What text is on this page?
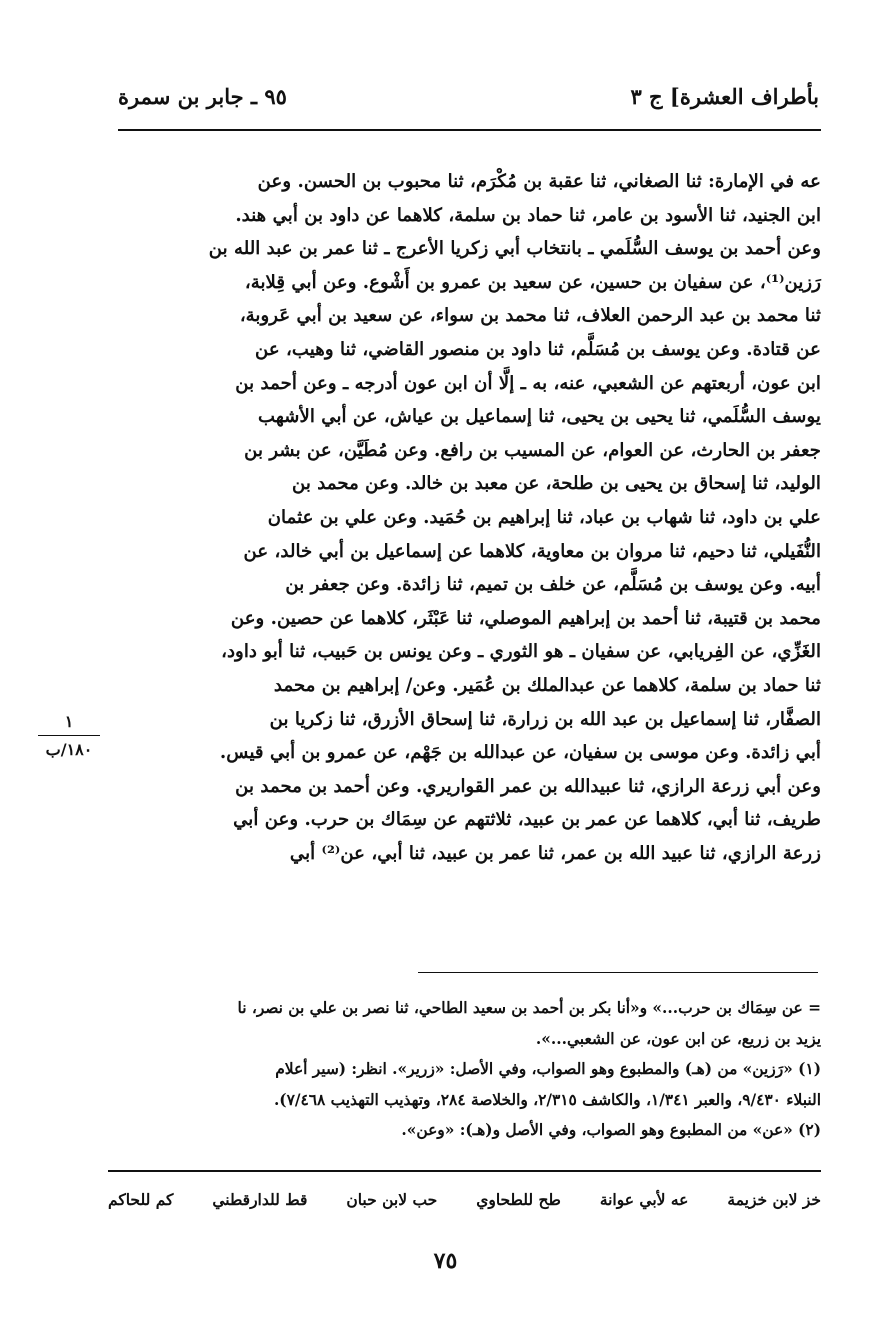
بأطراف العشرة] ج ٣
٩٥ ـ جابر بن سمرة

عه في الإمارة: ثنا الصغاني، ثنا عقبة بن مُكْرَم، ثنا محبوب بن الحسن. وعن

ابن الجنيد، ثنا الأسود بن عامر، ثنا حماد بن سلمة، كلاهما عن داود بن أبي هند.

وعن أحمد بن يوسف السُّلَمي ـ بانتخاب أبي زكريا الأعرج ـ ثنا عمر بن عبد الله بن

رَزين⁽¹⁾، عن سفيان بن حسين، عن سعيد بن عمرو بن أَشْوع. وعن أبي قِلابة،

ثنا محمد بن عبد الرحمن العلاف، ثنا محمد بن سواء، عن سعيد بن أبي عَروبة،

عن قتادة. وعن يوسف بن مُسَلَّم، ثنا داود بن منصور القاضي، ثنا وهيب، عن

ابن عون، أربعتهم عن الشعبي، عنه، به ـ إلَّا أن ابن عون أدرجه ـ وعن أحمد بن

يوسف السُّلَمي، ثنا يحيى بن يحيى، ثنا إسماعيل بن عياش، عن أبي الأشهب

جعفر بن الحارث، عن العوام، عن المسيب بن رافع. وعن مُطَيَّن، عن بشر بن

الوليد، ثنا إسحاق بن يحيى بن طلحة، عن معبد بن خالد. وعن محمد بن

علي بن داود، ثنا شهاب بن عباد، ثنا إبراهيم بن حُمَيد. وعن علي بن عثمان

النُّفَيلي، ثنا دحيم، ثنا مروان بن معاوية، كلاهما عن إسماعيل بن أبي خالد، عن

أبيه. وعن يوسف بن مُسَلَّم، عن خلف بن تميم، ثنا زائدة. وعن جعفر بن

محمد بن قتيبة، ثنا أحمد بن إبراهيم الموصلي، ثنا عَبْثَر، كلاهما عن حصين. وعن

الغَزِّي، عن الفِريابي، عن سفيان ـ هو الثوري ـ وعن يونس بن حَبيب، ثنا أبو داود،

ثنا حماد بن سلمة، كلاهما عن عبدالملك بن عُمَير. وعن/ إبراهيم بن محمد

الصفَّار، ثنا إسماعيل بن عبد الله بن زرارة، ثنا إسحاق الأزرق، ثنا زكريا بن

أبي زائدة. وعن موسى بن سفيان، عن عبدالله بن جَهْم، عن عمرو بن أبي قيس.

وعن أبي زرعة الرازي، ثنا عبيدالله بن عمر القواريري. وعن أحمد بن محمد بن

طريف، ثنا أبي، كلاهما عن عمر بن عبيد، ثلاثتهم عن سِمَاك بن حرب. وعن أبي

زرعة الرازي، ثنا عبيد الله بن عمر، ثنا عمر بن عبيد، ثنا أبي، عن⁽²⁾ أبي

١
١٨٠/ب

= عن سِمَاك بن حرب...» و«أنا بكر بن أحمد بن سعيد الطاحي، ثنا نصر بن علي بن نصر، نا

يزيد بن زريع، عن ابن عون، عن الشعبي...».

(١) «رَزين» من (هـ) والمطبوع وهو الصواب، وفي الأصل: «زرير». انظر: (سير أعلام

النبلاء ٩/٤٣٠، والعبر ١/٣٤١، والكاشف ٢/٣١٥، والخلاصة ٢٨٤، وتهذيب التهذيب ٧/٤٦٨).

(٢) «عن» من المطبوع وهو الصواب، وفي الأصل و(هـ): «وعن».

خز لابن خزيمة
عه لأبي عوانة
طح للطحاوي
حب لابن حبان
قط للدارقطني
كم للحاكم
٧٥
